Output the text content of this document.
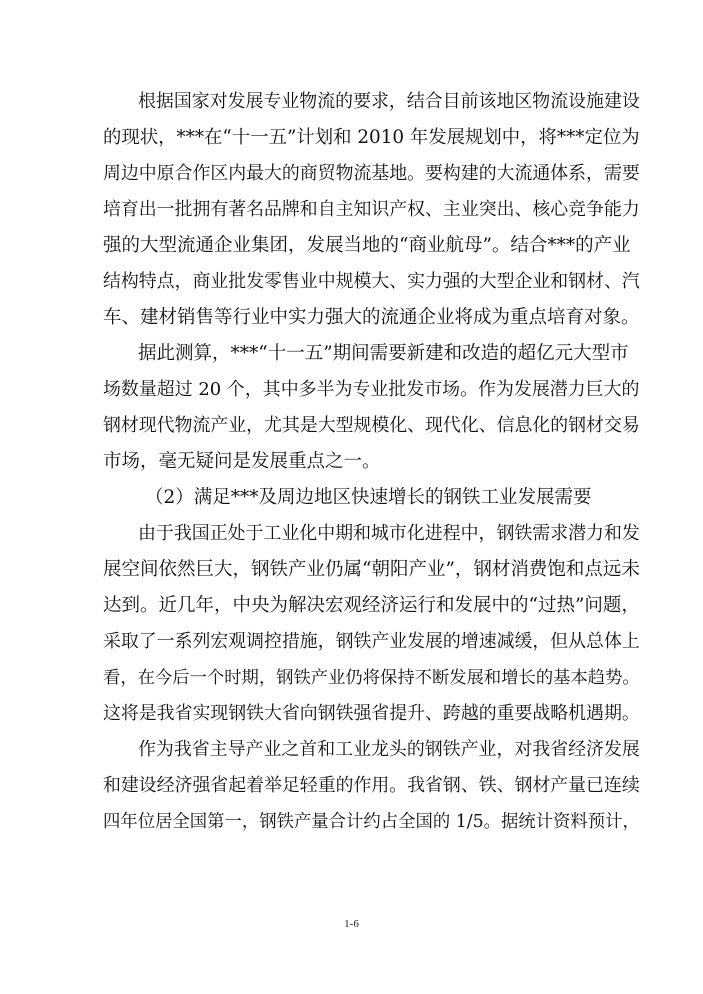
根据国家对发展专业物流的要求，结合目前该地区物流设施建设
的现状，***在“十一五”计划和 2010 年发展规划中，将***定位为
周边中原合作区内最大的商贸物流基地。要构建的大流通体系，需要
培育出一批拥有著名品牌和自主知识产权、主业突出、核心竞争能力
强的大型流通企业集团，发展当地的“商业航母”。结合***的产业
结构特点，商业批发零售业中规模大、实力强的大型企业和钢材、汽
车、建材销售等行业中实力强大的流通企业将成为重点培育对象。
据此测算，***“十一五”期间需要新建和改造的超亿元大型市
场数量超过 20 个，其中多半为专业批发市场。作为发展潜力巨大的
钢材现代物流产业，尤其是大型规模化、现代化、信息化的钢材交易
市场，毫无疑问是发展重点之一。
（2）满足***及周边地区快速增长的钢铁工业发展需要
由于我国正处于工业化中期和城市化进程中，钢铁需求潜力和发
展空间依然巨大，钢铁产业仍属“朝阳产业”，钢材消费饱和点远未
达到。近几年，中央为解决宏观经济运行和发展中的“过热”问题，
采取了一系列宏观调控措施，钢铁产业发展的增速减缓，但从总体上
看，在今后一个时期，钢铁产业仍将保持不断发展和增长的基本趋势。
这将是我省实现钢铁大省向钢铁强省提升、跨越的重要战略机遇期。
作为我省主导产业之首和工业龙头的钢铁产业，对我省经济发展
和建设经济强省起着举足轻重的作用。我省钢、铁、钢材产量已连续
四年位居全国第一，钢铁产量合计约占全国的 1/5。据统计资料预计，
1-6
